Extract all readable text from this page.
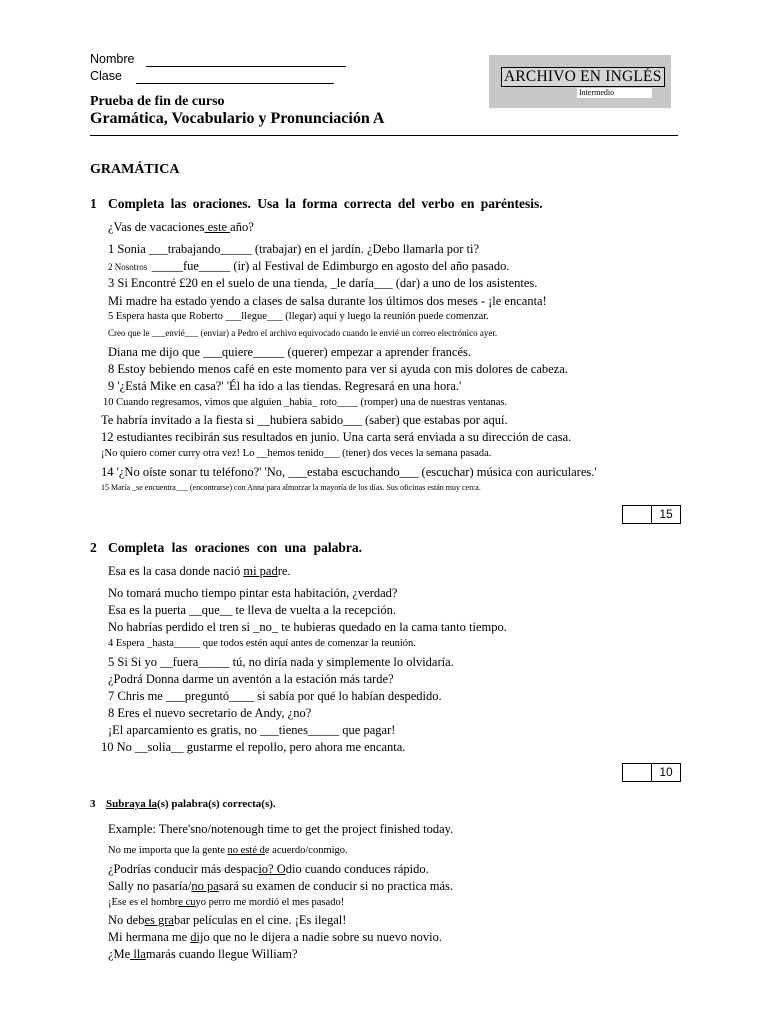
Nombre
Clase	ARCHIVO EN INGLÉS
Intermedio
Prueba de fin de curso
Gramática, Vocabulario y Pronunciación A
GRAMÁTICA
1 Completa las oraciones. Usa la forma correcta del verbo en paréntesis.
¿Vas de vacaciones este año?
1 Sonia ___trabajando_____ (trabajar) en el jardín. ¿Debo llamarla por ti?
2 Nosotros  _____fue_____ (ir) al Festival de Edimburgo en agosto del año pasado.
3 Si Encontré £20 en el suelo de una tienda, _le daría___ (dar) a uno de los asistentes.
Mi madre ha estado yendo a clases de salsa durante los últimos dos meses - ¡le encanta!
5 Espera hasta que Roberto ___llegue___ (llegar) aquí y luego la reunión puede comenzar.
Creo que le ___envié___ (enviar) a Pedro el archivo equivocado cuando le envié un correo electrónico ayer.
Diana me dijo que ___quiere_____ (querer) empezar a aprender francés.
8 Estoy bebiendo menos café en este momento para ver si ayuda con mis dolores de cabeza.
9 '¿Está Mike en casa?' 'Él ha ido a las tiendas. Regresará en una hora.'
10 Cuando regresamos, vimos que alguien _habia_ roto____ (romper) una de nuestras ventanas.
Te habría invitado a la fiesta si __hubiera sabido___ (saber) que estabas por aquí.
12 estudiantes recibirán sus resultados en junio. Una carta será enviada a su dirección de casa.
¡No quiero comer curry otra vez! Lo __hemos tenido___ (tener) dos veces la semana pasada.
14 '¿No oíste sonar tu teléfono?' 'No, ___estaba escuchando___ (escuchar) música con auriculares.'
15 María _se encuentra___ (encontrarse) con Anna para almorzar la mayoría de los días. Sus oficinas están muy cerca.
15
2 Completa las oraciones con una palabra.
Esa es la casa donde nació mi padre.
No tomará mucho tiempo pintar esta habitación, ¿verdad?
Esa es la puerta __que__ te lleva de vuelta a la recepción.
No habrías perdido el tren si _no_ te hubieras quedado en la cama tanto tiempo.
4 Espera _hasta_____ que todos estén aquí antes de comenzar la reunión.
5 Si Si yo __fuera_____ tú, no diría nada y simplemente lo olvidaría.
¿Podrá Donna darme un aventón a la estación más tarde?
7 Chris me ___preguntó____ si sabía por qué lo habían despedido.
8 Eres el nuevo secretario de Andy, ¿no?
¡El aparcamiento es gratis, no ___tienes_____ que pagar!
10 No __solía__ gustarme el repollo, pero ahora me encanta.
10
3 Subraya la(s) palabra(s) correcta(s).
Example: There'sno/notenough time to get the project finished today.
No me importa que la gente no esté de acuerdo/conmigo.
¿Podrías conducir más despacio? Odio cuando conduces rápido.
Sally no pasaría/no pasará su examen de conducir si no practica más.
¡Ese es el hombre cuyo perro me mordió el mes pasado!
No debes grabar películas en el cine. ¡Es ilegal!
Mi hermana me dijo que no le dijera a nadie sobre su nuevo novio.
¿Me llamarás cuando llegue William?
